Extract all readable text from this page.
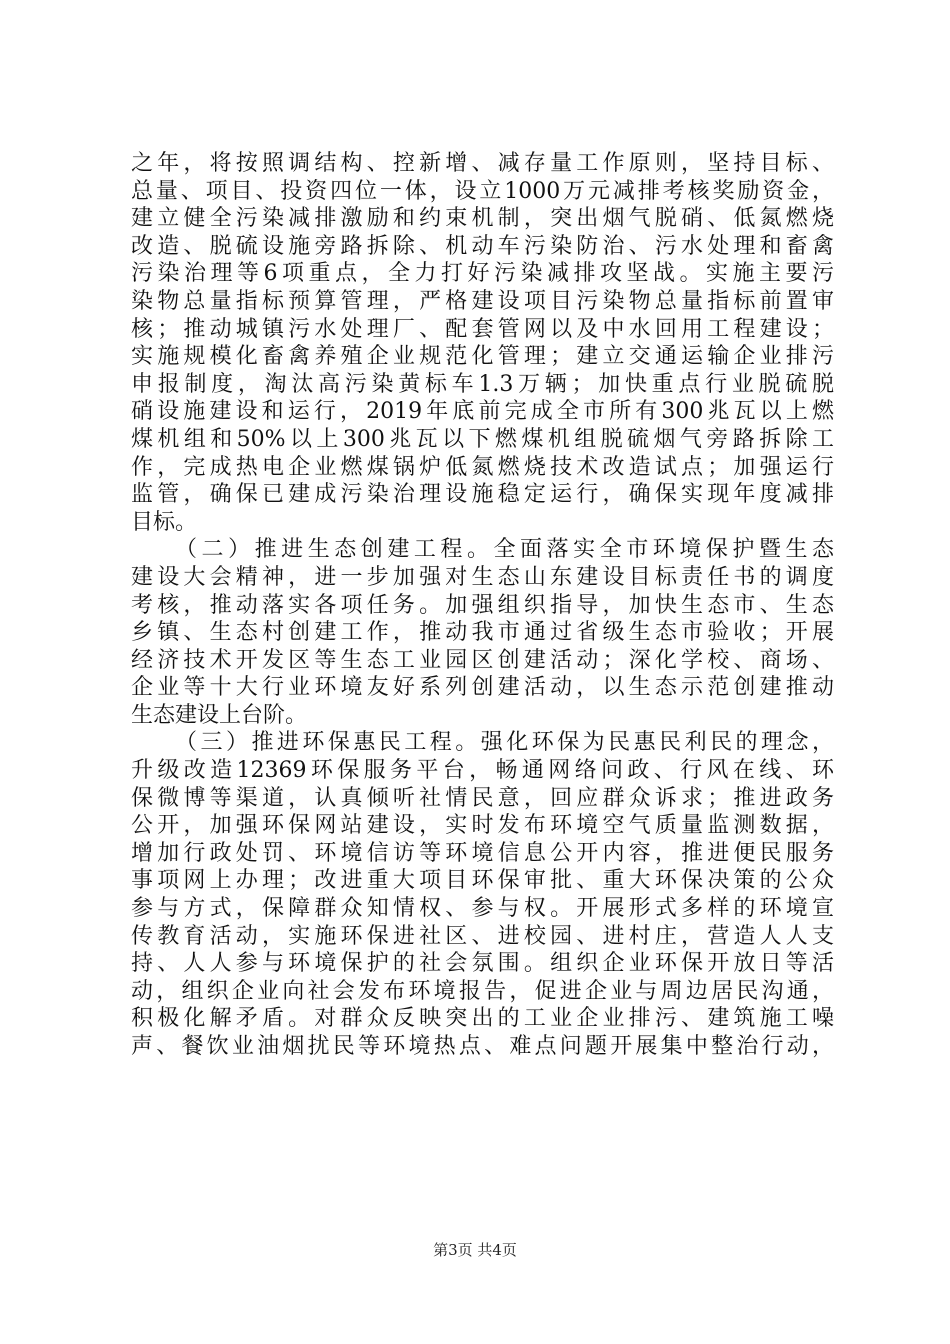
之年，将按照调结构、控新增、减存量工作原则，坚持目标、
总量、项目、投资四位一体，设立1000万元减排考核奖励资金，
建立健全污染减排激励和约束机制，突出烟气脱硝、低氮燃烧
改造、脱硫设施旁路拆除、机动车污染防治、污水处理和畜禽
污染治理等6项重点，全力打好污染减排攻坚战。实施主要污
染物总量指标预算管理，严格建设项目污染物总量指标前置审
核；推动城镇污水处理厂、配套管网以及中水回用工程建设；
实施规模化畜禽养殖企业规范化管理；建立交通运输企业排污
申报制度，淘汰高污染黄标车1.3万辆；加快重点行业脱硫脱
硝设施建设和运行，2019年底前完成全市所有300兆瓦以上燃
煤机组和50%以上300兆瓦以下燃煤机组脱硫烟气旁路拆除工
作，完成热电企业燃煤锅炉低氮燃烧技术改造试点；加强运行
监管，确保已建成污染治理设施稳定运行，确保实现年度减排
目标。
（二）推进生态创建工程。全面落实全市环境保护暨生态
建设大会精神，进一步加强对生态山东建设目标责任书的调度
考核，推动落实各项任务。加强组织指导，加快生态市、生态
乡镇、生态村创建工作，推动我市通过省级生态市验收；开展
经济技术开发区等生态工业园区创建活动；深化学校、商场、
企业等十大行业环境友好系列创建活动，以生态示范创建推动
生态建设上台阶。
（三）推进环保惠民工程。强化环保为民惠民利民的理念，
升级改造12369环保服务平台，畅通网络问政、行风在线、环
保微博等渠道，认真倾听社情民意，回应群众诉求；推进政务
公开，加强环保网站建设，实时发布环境空气质量监测数据，
增加行政处罚、环境信访等环境信息公开内容，推进便民服务
事项网上办理；改进重大项目环保审批、重大环保决策的公众
参与方式，保障群众知情权、参与权。开展形式多样的环境宣
传教育活动，实施环保进社区、进校园、进村庄，营造人人支
持、人人参与环境保护的社会氛围。组织企业环保开放日等活
动，组织企业向社会发布环境报告，促进企业与周边居民沟通，
积极化解矛盾。对群众反映突出的工业企业排污、建筑施工噪
声、餐饮业油烟扰民等环境热点、难点问题开展集中整治行动，
第3页 共4页
